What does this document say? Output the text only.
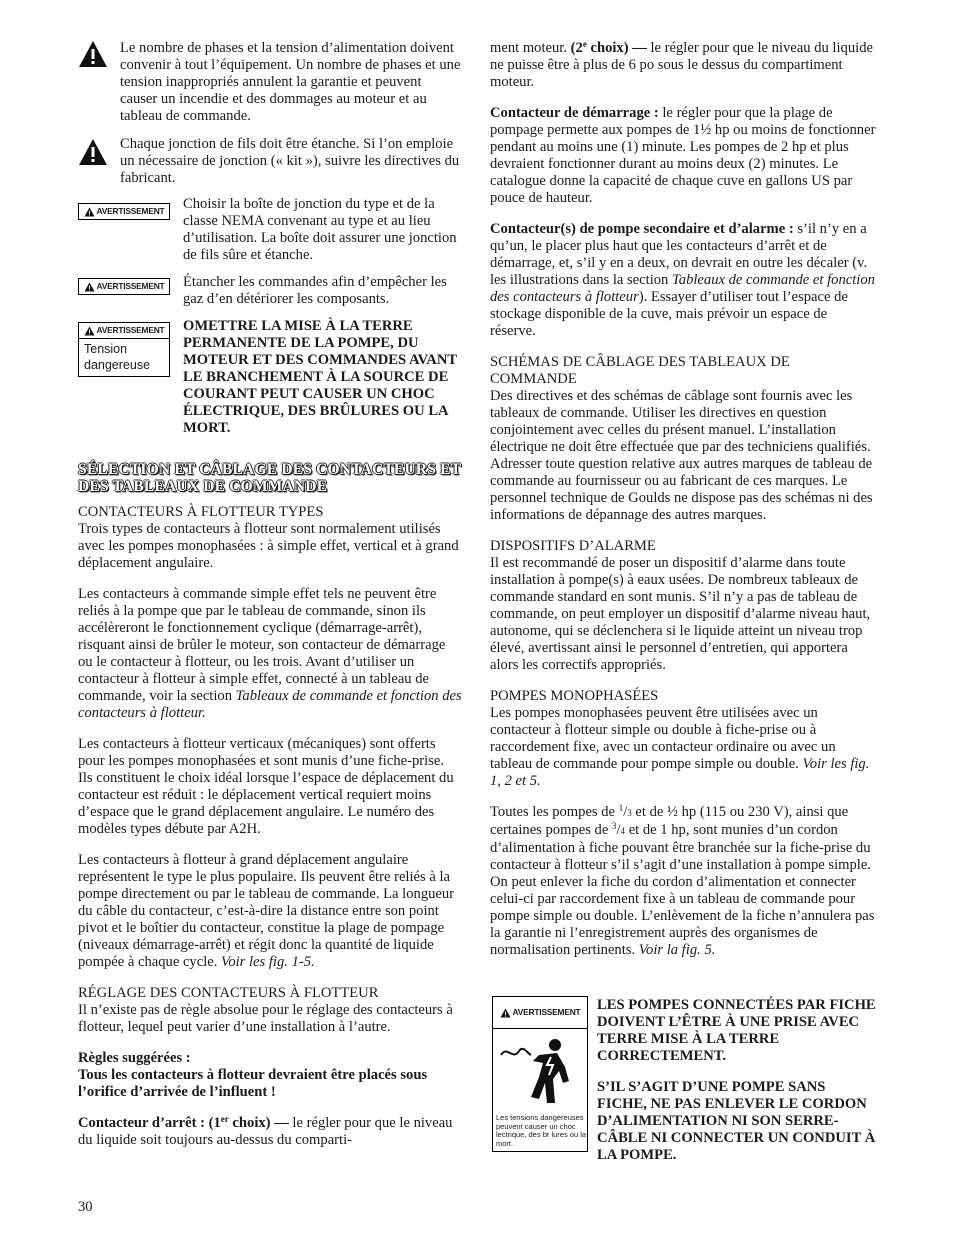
Le nombre de phases et la tension d’alimentation doivent convenir à tout l’équipement. Un nombre de phases et une tension inappropriés annulent la garantie et peuvent causer un incendie et des dommages au moteur et au tableau de commande.
Chaque jonction de fils doit être étanche. Si l’on emploie un nécessaire de jonction (« kit »), suivre les directives du fabricant.
AVERTISSEMENT Choisir la boîte de jonction du type et de la classe NEMA convenant au type et au lieu d’utilisation. La boîte doit assurer une jonction de fils sûre et étanche.
AVERTISSEMENT Étancher les commandes afin d’empêcher les gaz d’en détériorer les composants.
AVERTISSEMENT
Tension dangereuse
OMETTRE LA MISE À LA TERRE PERMANENTE DE LA POMPE, DU MOTEUR ET DES COMMANDES AVANT LE BRANCHEMENT À LA SOURCE DE COURANT PEUT CAUSER UN CHOC ÉLECTRIQUE, DES BRÛLURES OU LA MORT.
SÉLECTION ET CÂBLAGE DES CONTACTEURS ET DES TABLEAUX DE COMMANDE
CONTACTEURS À FLOTTEUR TYPES

Trois types de contacteurs à flotteur sont normalement utilisés avec les pompes monophasées : à simple effet, vertical et à grand déplacement angulaire.

Les contacteurs à commande simple effet tels ne peuvent être reliés à la pompe que par le tableau de commande, sinon ils accélèreront le fonctionnement cyclique (démarrage-arrêt), risquant ainsi de brûler le moteur, son contacteur de démarrage ou le contacteur à flotteur, ou les trois. Avant d’utiliser un contacteur à flotteur à simple effet, connecté à un tableau de commande, voir la section Tableaux de commande et fonction des contacteurs à flotteur.

Les contacteurs à flotteur verticaux (mécaniques) sont offerts pour les pompes monophasées et sont munis d’une fiche-prise. Ils constituent le choix idéal lorsque l’espace de déplacement du contacteur est réduit : le déplacement vertical requiert moins d’espace que le grand déplacement angulaire. Le numéro des modèles types débute par A2H.

Les contacteurs à flotteur à grand déplacement angulaire représentent le type le plus populaire. Ils peuvent être reliés à la pompe directement ou par le tableau de commande. La longueur du câble du contacteur, c’est-à-dire la distance entre son point pivot et le boîtier du contacteur, constitue la plage de pompage (niveaux démarrage-arrêt) et régit donc la quantité de liquide pompée à chaque cycle. Voir les fig. 1-5.

RÉGLAGE DES CONTACTEURS À FLOTTEUR

Il n’existe pas de règle absolue pour le réglage des contacteurs à flotteur, lequel peut varier d’une installation à l’autre.

Règles suggérées :
Tous les contacteurs à flotteur devraient être placés sous l’orifice d’arrivée de l’influent !

Contacteur d’arrêt : (1er choix) — le régler pour que le niveau du liquide soit toujours au-dessus du comparti-

30

ment moteur. (2e choix) — le régler pour que le niveau du liquide ne puisse être à plus de 6 po sous le dessus du compartiment moteur.

Contacteur de démarrage : le régler pour que la plage de pompage permette aux pompes de 1½ hp ou moins de fonctionner pendant au moins une (1) minute. Les pompes de 2 hp et plus devraient fonctionner durant au moins deux (2) minutes. Le catalogue donne la capacité de chaque cuve en gallons US par pouce de hauteur.

Contacteur(s) de pompe secondaire et d’alarme : s’il n’y en a qu’un, le placer plus haut que les contacteurs d’arrêt et de démarrage, et, s’il y en a deux, on devrait en outre les décaler (v. les illustrations dans la section Tableaux de commande et fonction des contacteurs à flotteur). Essayer d’utiliser tout l’espace de stockage disponible de la cuve, mais prévoir un espace de réserve.

SCHÉMAS DE CÂBLAGE DES TABLEAUX DE COMMANDE

Des directives et des schémas de câblage sont fournis avec les tableaux de commande. Utiliser les directives en question conjointement avec celles du présent manuel. L’installation électrique ne doit être effectuée que par des techniciens qualifiés. Adresser toute question relative aux autres marques de tableau de commande au fournisseur ou au fabricant de ces marques. Le personnel technique de Goulds ne dispose pas des schémas ni des informations de dépannage des autres marques.

DISPOSITIFS D’ALARME

Il est recommandé de poser un dispositif d’alarme dans toute installation à pompe(s) à eaux usées. De nombreux tableaux de commande standard en sont munis. S’il n’y a pas de tableau de commande, on peut employer un dispositif d’alarme niveau haut, autonome, qui se déclenchera si le liquide atteint un niveau trop élevé, avertissant ainsi le personnel d’entretien, qui apportera alors les correctifs appropriés.

POMPES MONOPHASÉES

Les pompes monophasées peuvent être utilisées avec un contacteur à flotteur simple ou double à fiche-prise ou à raccordement fixe, avec un contacteur ordinaire ou avec un tableau de commande pour pompe simple ou double. Voir les fig. 1, 2 et 5.

Toutes les pompes de $^1$/3 et de ½ hp (115 ou 230 V), ainsi que certaines pompes de $^3$/4 et de 1 hp, sont munies d’un cordon d’alimentation à fiche pouvant être branchée sur la fiche-prise du contacteur à flotteur s’il s’agit d’une installation à pompe simple. On peut enlever la fiche du cordon d’alimentation et connecter celui-ci par raccordement fixe à un tableau de commande pour pompe simple ou double. L’enlèvement de la fiche n’annulera pas la garantie ni l’enregistrement auprès des organismes de normalisation pertinents. Voir la fig. 5.

AVERTISSEMENT
Les tensions dangereuses peuvent causer un choc lectrique, des br lures ou la mort.

LES POMPES CONNECTÉES PAR FICHE DOIVENT L’ÊTRE À UNE PRISE AVEC TERRE MISE À LA TERRE CORRECTEMENT.

S’IL S’AGIT D’UNE POMPE SANS FICHE, NE PAS ENLEVER LE CORDON D’ALIMENTATION NI SON SERRE-CÂBLE NI CONNECTER UN CONDUIT À LA POMPE.
